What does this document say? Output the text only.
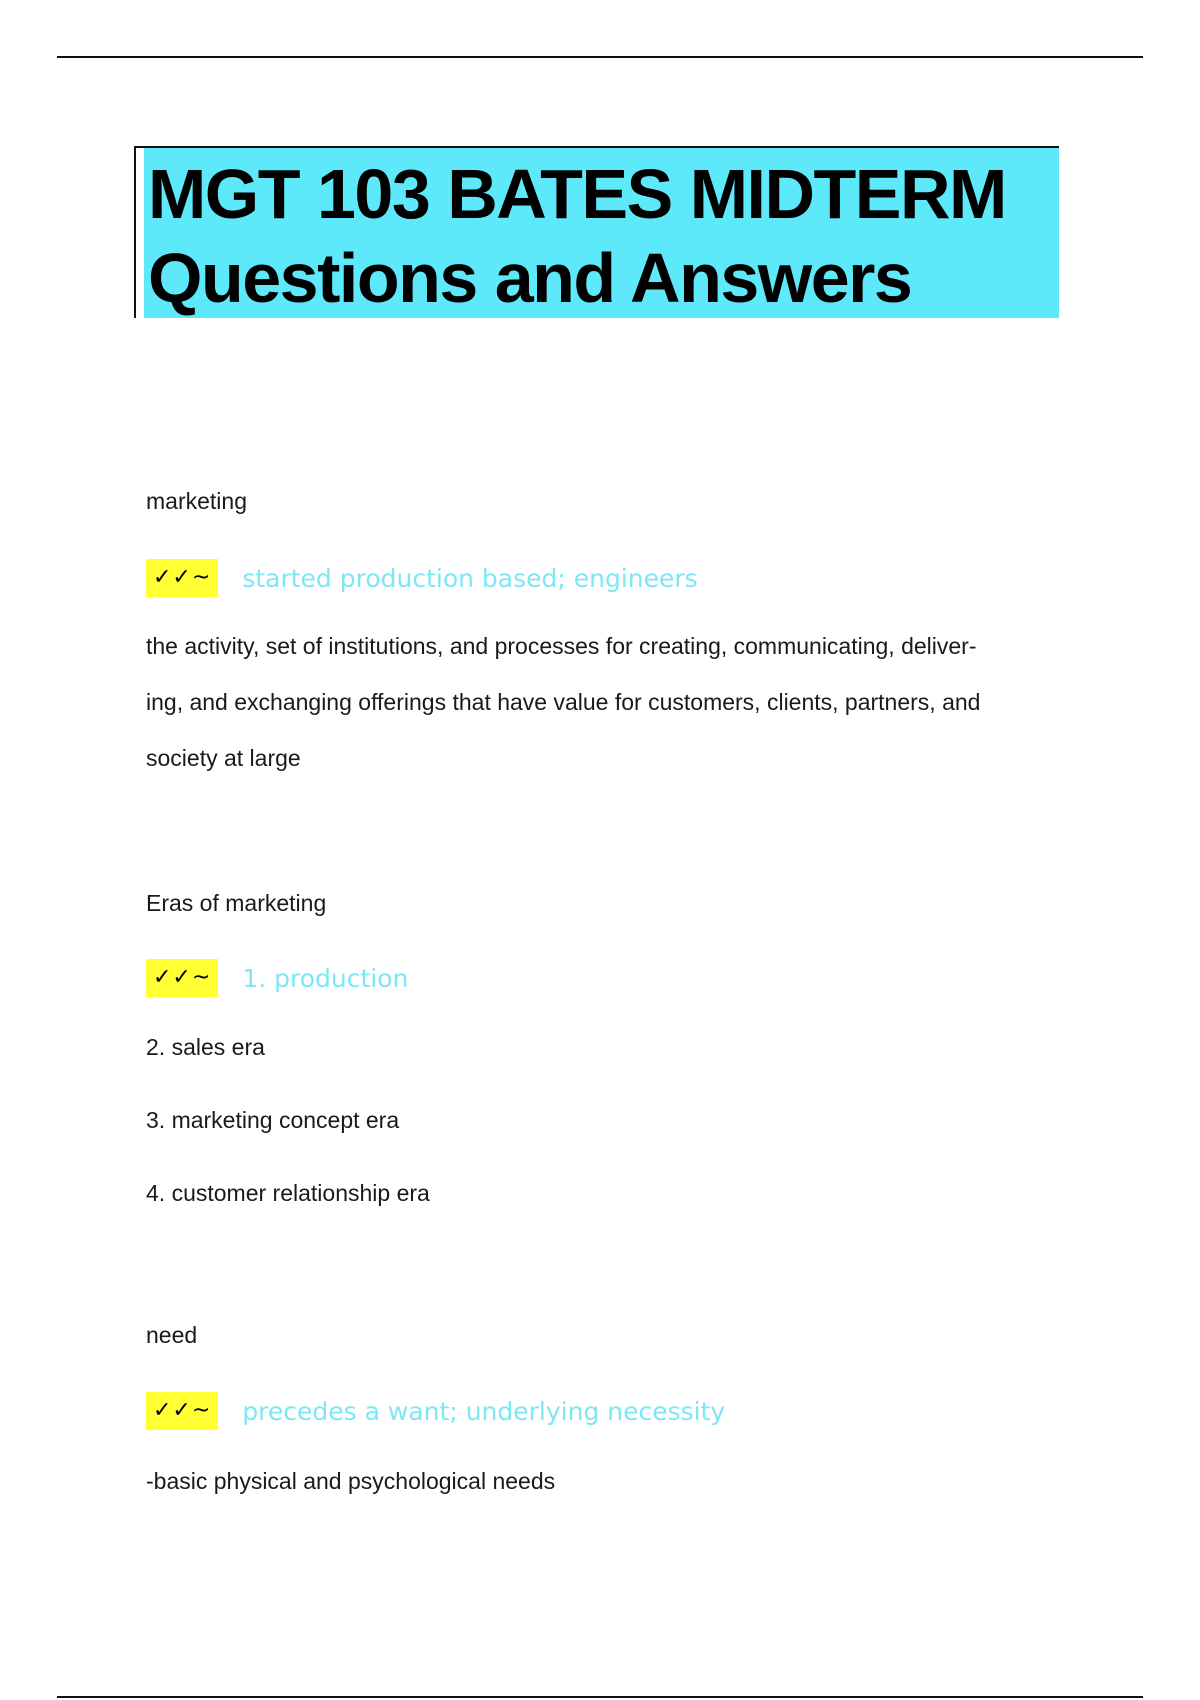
MGT 103 BATES MIDTERM
Questions and Answers
marketing
✓✓~ started production based; engineers
the activity, set of institutions, and processes for creating, communicating, deliver-
ing, and exchanging offerings that have value for customers, clients, partners, and
society at large
Eras of marketing
✓✓~ 1. production
2. sales era
3. marketing concept era
4. customer relationship era
need
✓✓~ precedes a want; underlying necessity
-basic physical and psychological needs
